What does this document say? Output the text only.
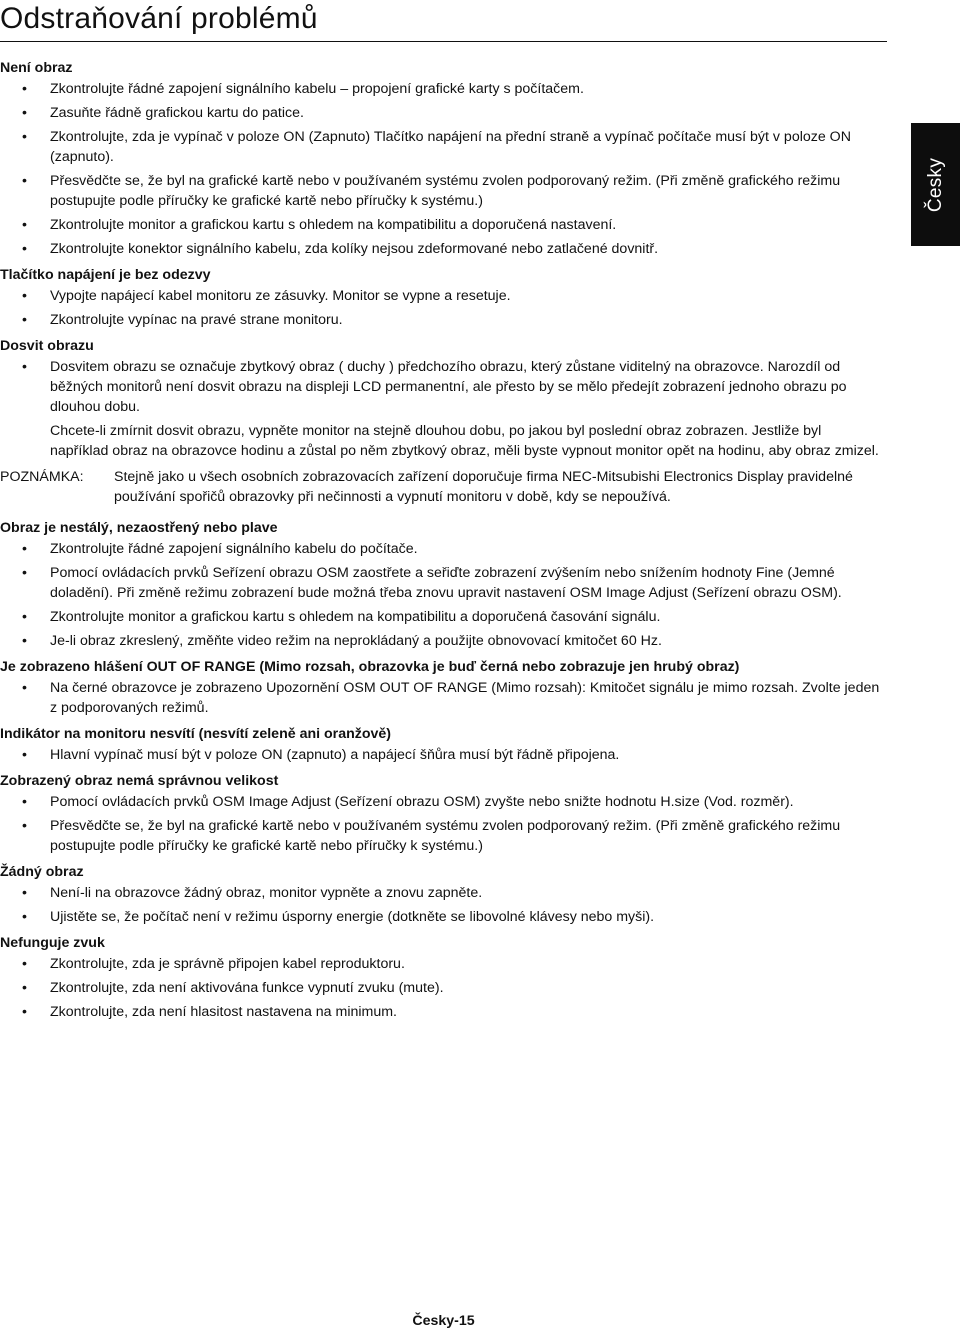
Odstraňování problémů
Česky
Není obraz
• Zkontrolujte řádné zapojení signálního kabelu – propojení grafické karty s počítačem.
• Zasuňte řádně grafickou kartu do patice.
• Zkontrolujte, zda je vypínač v poloze ON (Zapnuto) Tlačítko napájení na přední straně a vypínač počítače musí být v poloze ON (zapnuto).
• Přesvědčte se, že byl na grafické kartě nebo v používaném systému zvolen podporovaný režim. (Při změně grafického režimu postupujte podle příručky ke grafické kartě nebo příručky k systému.)
• Zkontrolujte monitor a grafickou kartu s ohledem na kompatibilitu a doporučená nastavení.
• Zkontrolujte konektor signálního kabelu, zda kolíky nejsou zdeformované nebo zatlačené dovnitř.
Tlačítko napájení je bez odezvy
• Vypojte napájecí kabel monitoru ze zásuvky. Monitor se vypne a resetuje.
• Zkontrolujte vypínac na pravé strane monitoru.
Dosvit obrazu
• Dosvitem obrazu se označuje zbytkový obraz ( duchy ) předchozího obrazu, který zůstane viditelný na obrazovce. Narozdíl od běžných monitorů není dosvit obrazu na displeji LCD permanentní, ale přesto by se mělo předejít zobrazení jednoho obrazu po dlouhou dobu.
Chcete-li zmírnit dosvit obrazu, vypněte monitor na stejně dlouhou dobu, po jakou byl poslední obraz zobrazen. Jestliže byl například obraz na obrazovce hodinu a zůstal po něm zbytkový obraz, měli byste vypnout monitor opět na hodinu, aby obraz zmizel.
POZNÁMKA:	Stejně jako u všech osobních zobrazovacích zařízení doporučuje firma NEC-Mitsubishi Electronics Display pravidelné používání spořičů obrazovky při nečinnosti a vypnutí monitoru v době, kdy se nepoužívá.
Obraz je nestálý, nezaostřený nebo plave
• Zkontrolujte řádné zapojení signálního kabelu do počítače.
• Pomocí ovládacích prvků Seřízení obrazu OSM zaostřete a seřiďte zobrazení zvýšením nebo snížením hodnoty Fine (Jemné doladění). Při změně režimu zobrazení bude možná třeba znovu upravit nastavení OSM Image Adjust (Seřízení obrazu OSM).
• Zkontrolujte monitor a grafickou kartu s ohledem na kompatibilitu a doporučená časování signálu.
• Je-li obraz zkreslený, změňte video režim na neprokládaný a použijte obnovovací kmitočet 60 Hz.
Je zobrazeno hlášení OUT OF RANGE (Mimo rozsah, obrazovka je buď černá nebo zobrazuje jen hrubý obraz)
• Na černé obrazovce je zobrazeno Upozornění OSM OUT OF RANGE (Mimo rozsah): Kmitočet signálu je mimo rozsah. Zvolte jeden z podporovaných režimů.
Indikátor na monitoru nesvítí (nesvítí zeleně ani oranžově)
• Hlavní vypínač musí být v poloze ON (zapnuto) a napájecí šňůra musí být řádně připojena.
Zobrazený obraz nemá správnou velikost
• Pomocí ovládacích prvků OSM Image Adjust (Seřízení obrazu OSM) zvyšte nebo snižte hodnotu H.size (Vod. rozměr).
• Přesvědčte se, že byl na grafické kartě nebo v používaném systému zvolen podporovaný režim. (Při změně grafického režimu postupujte podle příručky ke grafické kartě nebo příručky k systému.)
Žádný obraz
• Není-li na obrazovce žádný obraz, monitor vypněte a znovu zapněte.
• Ujistěte se, že počítač není v režimu úsporny energie (dotkněte se libovolné klávesy nebo myši).
Nefunguje zvuk
• Zkontrolujte, zda je správně připojen kabel reproduktoru.
• Zkontrolujte, zda není aktivována funkce vypnutí zvuku (mute).
• Zkontrolujte, zda není hlasitost nastavena na minimum.
Česky-15
